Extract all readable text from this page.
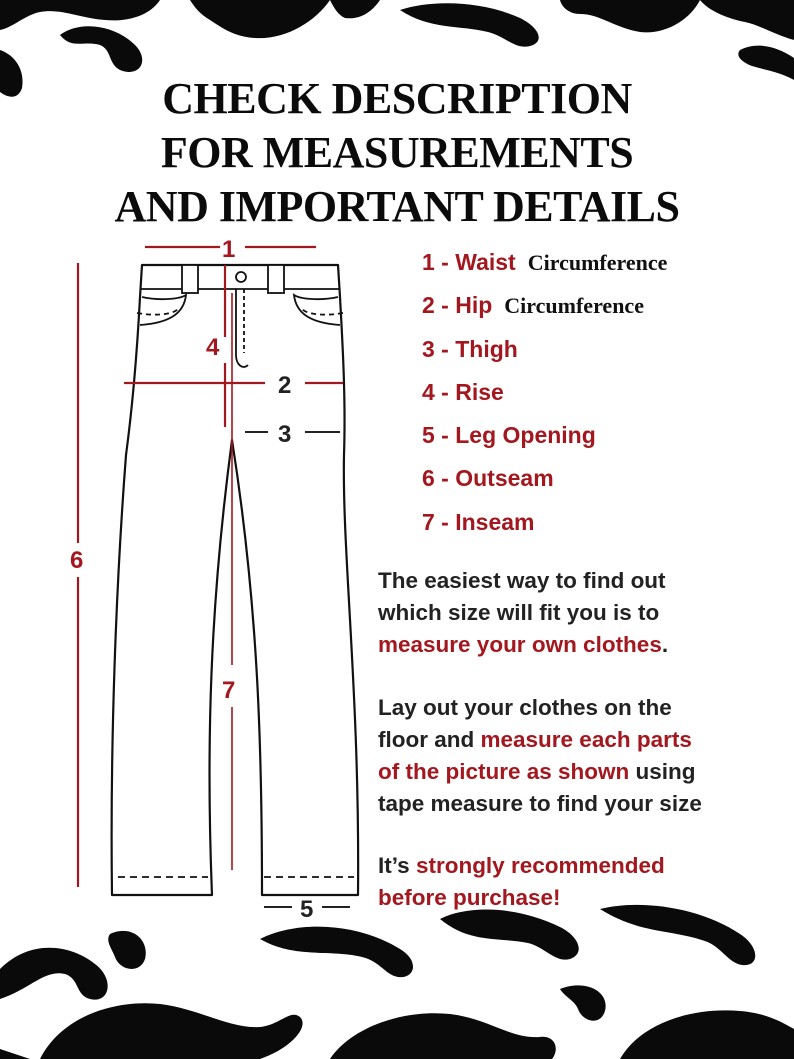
CHECK DESCRIPTION
FOR MEASUREMENTS
AND IMPORTANT DETAILS
1
2
3
4
5
6
7
1 - Waist Circumference
2 - Hip Circumference
3 - Thigh
4 - Rise
5 - Leg Opening
6 - Outseam
7 - Inseam

The easiest way to find out
which size will fit you is to
measure your own clothes.

Lay out your clothes on the
floor and measure each parts
of the picture as shown using
tape measure to find your size

It’s strongly recommended
before purchase!
